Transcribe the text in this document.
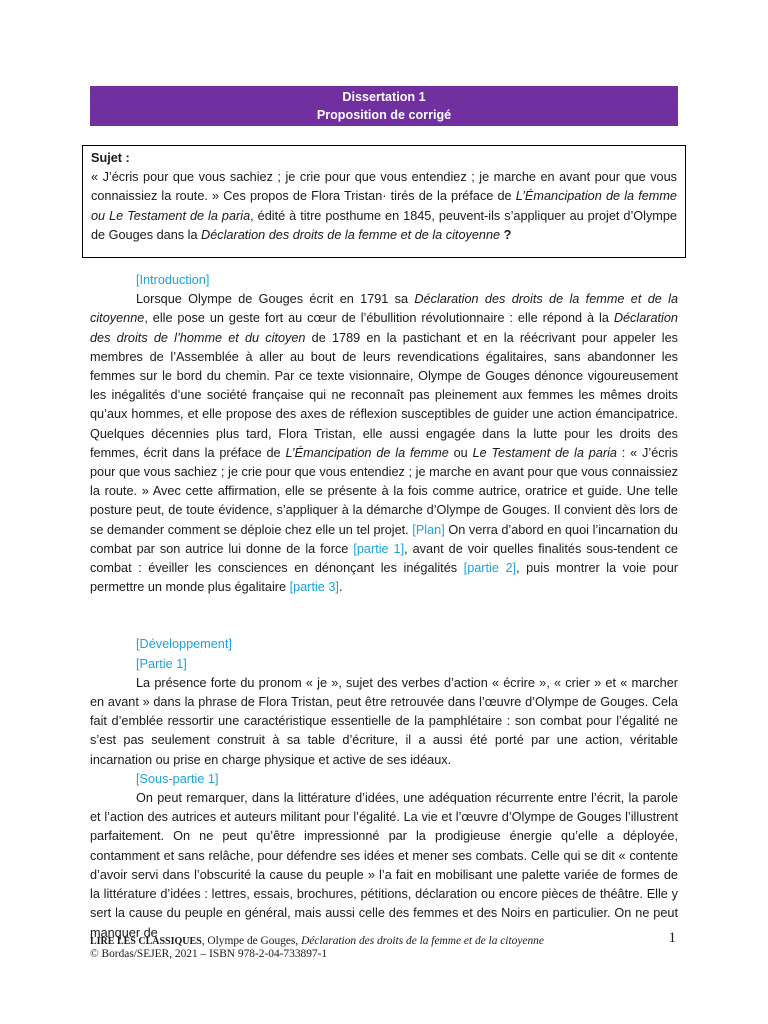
Dissertation 1
Proposition de corrigé

Sujet :

« J’écris pour que vous sachiez ; je crie pour que vous entendiez ; je marche en avant pour que vous connaissiez la route. » Ces propos de Flora Tristan· tirés de la préface de L’Émancipation de la femme ou Le Testament de la paria, édité à titre posthume en 1845, peuvent-ils s’appliquer au projet d’Olympe de Gouges dans la Déclaration des droits de la femme et de la citoyenne ?

[Introduction]

Lorsque Olympe de Gouges écrit en 1791 sa Déclaration des droits de la femme et de la citoyenne, elle pose un geste fort au cœur de l’ébullition révolutionnaire : elle répond à la Déclaration des droits de l’homme et du citoyen de 1789 en la pastichant et en la réécrivant pour appeler les membres de l’Assemblée à aller au bout de leurs revendications égalitaires, sans abandonner les femmes sur le bord du chemin. Par ce texte visionnaire, Olympe de Gouges dénonce vigoureusement les inégalités d’une société française qui ne reconnaît pas pleinement aux femmes les mêmes droits qu’aux hommes, et elle propose des axes de réflexion susceptibles de guider une action émancipatrice. Quelques décennies plus tard, Flora Tristan, elle aussi engagée dans la lutte pour les droits des femmes, écrit dans la préface de L’Émancipation de la femme ou Le Testament de la paria : « J’écris pour que vous sachiez ; je crie pour que vous entendiez ; je marche en avant pour que vous connaissiez la route. » Avec cette affirmation, elle se présente à la fois comme autrice, oratrice et guide. Une telle posture peut, de toute évidence, s’appliquer à la démarche d’Olympe de Gouges. Il convient dès lors de se demander comment se déploie chez elle un tel projet. [Plan] On verra d’abord en quoi l’incarnation du combat par son autrice lui donne de la force [partie 1], avant de voir quelles finalités sous-tendent ce combat : éveiller les consciences en dénonçant les inégalités [partie 2], puis montrer la voie pour permettre un monde plus égalitaire [partie 3].

[Développement]

[Partie 1]

La présence forte du pronom « je », sujet des verbes d’action « écrire », « crier » et « marcher en avant » dans la phrase de Flora Tristan, peut être retrouvée dans l’œuvre d’Olympe de Gouges. Cela fait d’emblée ressortir une caractéristique essentielle de la pamphlétaire : son combat pour l’égalité ne s’est pas seulement construit à sa table d’écriture, il a aussi été porté par une action, véritable incarnation ou prise en charge physique et active de ses idéaux.

[Sous-partie 1]

On peut remarquer, dans la littérature d’idées, une adéquation récurrente entre l’écrit, la parole et l’action des autrices et auteurs militant pour l’égalité. La vie et l’œuvre d’Olympe de Gouges l’illustrent parfaitement. On ne peut qu’être impressionné par la prodigieuse énergie qu’elle a déployée, contamment et sans relâche, pour défendre ses idées et mener ses combats. Celle qui se dit « contente d’avoir servi dans l’obscurité la cause du peuple » l’a fait en mobilisant une palette variée de formes de la littérature d’idées : lettres, essais, brochures, pétitions, déclaration ou encore pièces de théâtre. Elle y sert la cause du peuple en général, mais aussi celle des femmes et des Noirs en particulier. On ne peut manquer de

LIRE LES CLASSIQUES, Olympe de Gouges, Déclaration des droits de la femme et de la citoyenne
© Bordas/SEJER, 2021 – ISBN 978-2-04-733897-1
1
